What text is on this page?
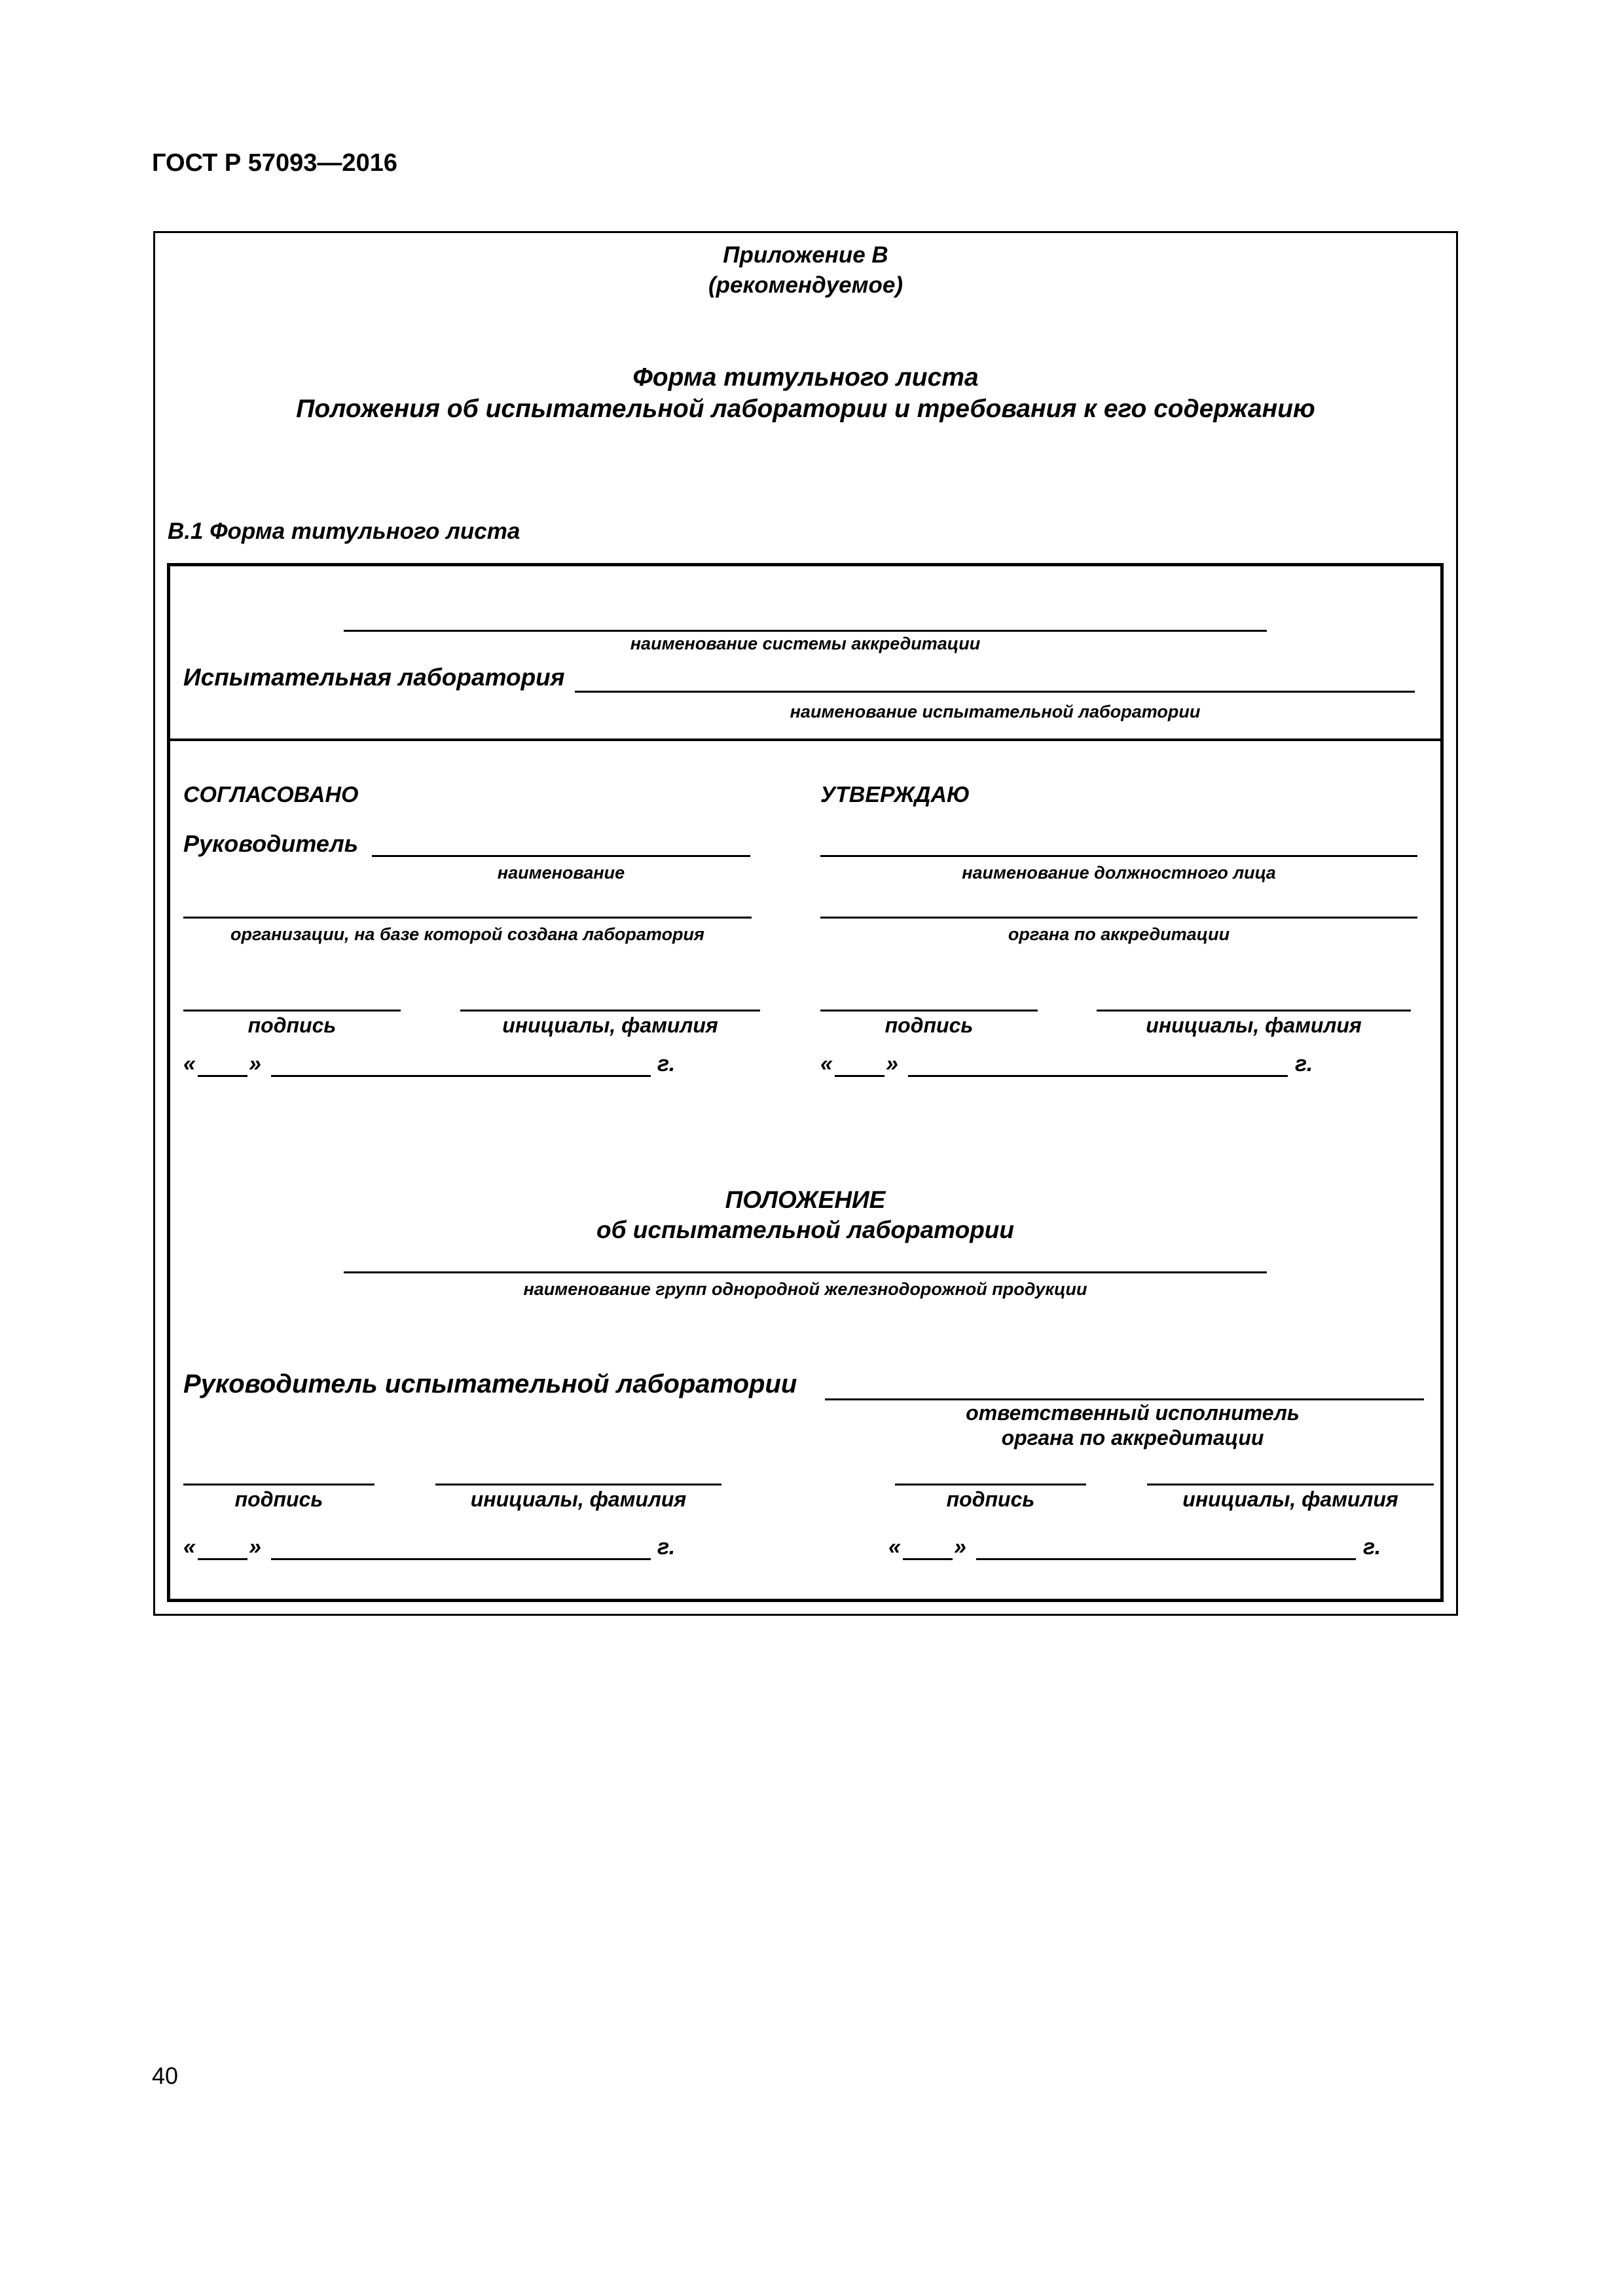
ГОСТ Р 57093—2016
Приложение В
(рекомендуемое)
Форма титульного листа
Положения об испытательной лаборатории и требования к его содержанию
В.1 Форма титульного листа
наименование системы аккредитации
Испытательная лаборатория
наименование испытательной лаборатории
СОГЛАСОВАНО
Руководитель
наименование
организации, на базе которой создана лаборатория
подпись	инициалы, фамилия
« »	г.
УТВЕРЖДАЮ
наименование должностного лица
органа по аккредитации
подпись	инициалы, фамилия
« »	г.
ПОЛОЖЕНИЕ
об испытательной лаборатории
наименование групп однородной железнодорожной продукции
Руководитель испытательной лаборатории
ответственный исполнитель
органа по аккредитации
подпись	инициалы, фамилия
« »	г.
подпись	инициалы, фамилия
« »	г.
40
